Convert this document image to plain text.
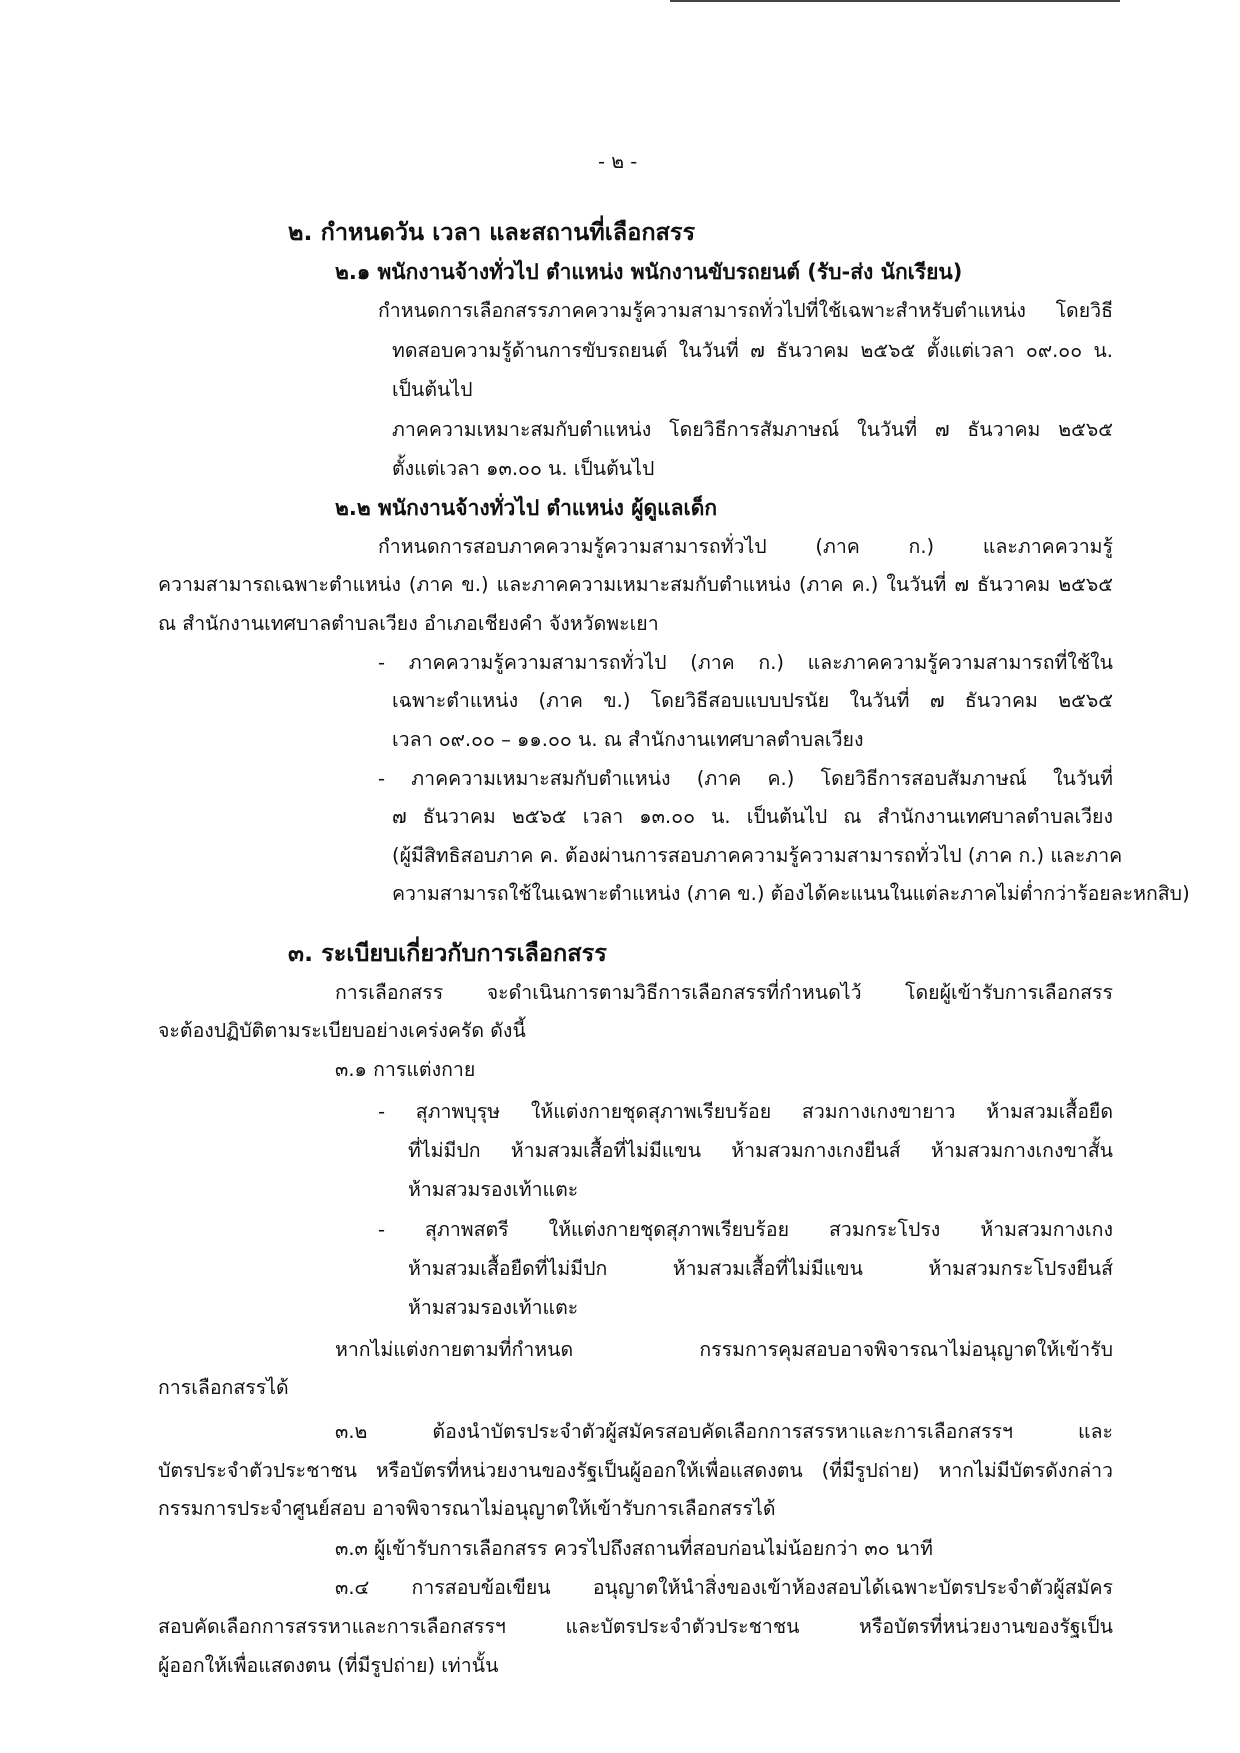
- ๒ -
๒. กำหนดวัน เวลา และสถานที่เลือกสรร
๒.๑ พนักงานจ้างทั่วไป ตำแหน่ง พนักงานขับรถยนต์ (รับ-ส่ง นักเรียน)
กำหนดการเลือกสรรภาคความรู้ความสามารถทั่วไปที่ใช้เฉพาะสำหรับตำแหน่ง โดยวิธี
ทดสอบความรู้ด้านการขับรถยนต์ ในวันที่ ๗ ธันวาคม ๒๕๖๕ ตั้งแต่เวลา ๐๙.๐๐ น.
เป็นต้นไป
ภาคความเหมาะสมกับตำแหน่ง โดยวิธีการสัมภาษณ์ ในวันที่ ๗ ธันวาคม ๒๕๖๕
ตั้งแต่เวลา ๑๓.๐๐ น. เป็นต้นไป
๒.๒ พนักงานจ้างทั่วไป ตำแหน่ง ผู้ดูแลเด็ก
กำหนดการสอบภาคความรู้ความสามารถทั่วไป (ภาค ก.) และภาคความรู้
ความสามารถเฉพาะตำแหน่ง (ภาค ข.) และภาคความเหมาะสมกับตำแหน่ง (ภาค ค.) ในวันที่ ๗ ธันวาคม ๒๕๖๕
ณ สำนักงานเทศบาลตำบลเวียง อำเภอเชียงคำ จังหวัดพะเยา
- ภาคความรู้ความสามารถทั่วไป (ภาค ก.) และภาคความรู้ความสามารถที่ใช้ใน
เฉพาะตำแหน่ง (ภาค ข.) โดยวิธีสอบแบบปรนัย ในวันที่ ๗ ธันวาคม ๒๕๖๕
เวลา ๐๙.๐๐ – ๑๑.๐๐ น. ณ สำนักงานเทศบาลตำบลเวียง
- ภาคความเหมาะสมกับตำแหน่ง (ภาค ค.) โดยวิธีการสอบสัมภาษณ์ ในวันที่
๗ ธันวาคม ๒๕๖๕ เวลา ๑๓.๐๐ น. เป็นต้นไป ณ สำนักงานเทศบาลตำบลเวียง
(ผู้มีสิทธิสอบภาค ค. ต้องผ่านการสอบภาคความรู้ความสามารถทั่วไป (ภาค ก.) และภาค
ความสามารถใช้ในเฉพาะตำแหน่ง (ภาค ข.) ต้องได้คะแนนในแต่ละภาคไม่ต่ำกว่าร้อยละหกสิบ)
๓. ระเบียบเกี่ยวกับการเลือกสรร
การเลือกสรร จะดำเนินการตามวิธีการเลือกสรรที่กำหนดไว้ โดยผู้เข้ารับการเลือกสรร
จะต้องปฏิบัติตามระเบียบอย่างเคร่งครัด ดังนี้
๓.๑ การแต่งกาย
- สุภาพบุรุษ ให้แต่งกายชุดสุภาพเรียบร้อย สวมกางเกงขายาว ห้ามสวมเสื้อยืด
ที่ไม่มีปก ห้ามสวมเสื้อที่ไม่มีแขน ห้ามสวมกางเกงยีนส์ ห้ามสวมกางเกงขาสั้น
ห้ามสวมรองเท้าแตะ
- สุภาพสตรี ให้แต่งกายชุดสุภาพเรียบร้อย สวมกระโปรง ห้ามสวมกางเกง
ห้ามสวมเสื้อยืดที่ไม่มีปก ห้ามสวมเสื้อที่ไม่มีแขน ห้ามสวมกระโปรงยีนส์
ห้ามสวมรองเท้าแตะ
หากไม่แต่งกายตามที่กำหนด กรรมการคุมสอบอาจพิจารณาไม่อนุญาตให้เข้ารับ
การเลือกสรรได้
๓.๒ ต้องนำบัตรประจำตัวผู้สมัครสอบคัดเลือกการสรรหาและการเลือกสรรฯ และ
บัตรประจำตัวประชาชน หรือบัตรที่หน่วยงานของรัฐเป็นผู้ออกให้เพื่อแสดงตน (ที่มีรูปถ่าย) หากไม่มีบัตรดังกล่าว
กรรมการประจำศูนย์สอบ อาจพิจารณาไม่อนุญาตให้เข้ารับการเลือกสรรได้
๓.๓ ผู้เข้ารับการเลือกสรร ควรไปถึงสถานที่สอบก่อนไม่น้อยกว่า ๓๐ นาที
๓.๔ การสอบข้อเขียน อนุญาตให้นำสิ่งของเข้าห้องสอบได้เฉพาะบัตรประจำตัวผู้สมัคร
สอบคัดเลือกการสรรหาและการเลือกสรรฯ และบัตรประจำตัวประชาชน หรือบัตรที่หน่วยงานของรัฐเป็น
ผู้ออกให้เพื่อแสดงตน (ที่มีรูปถ่าย) เท่านั้น
